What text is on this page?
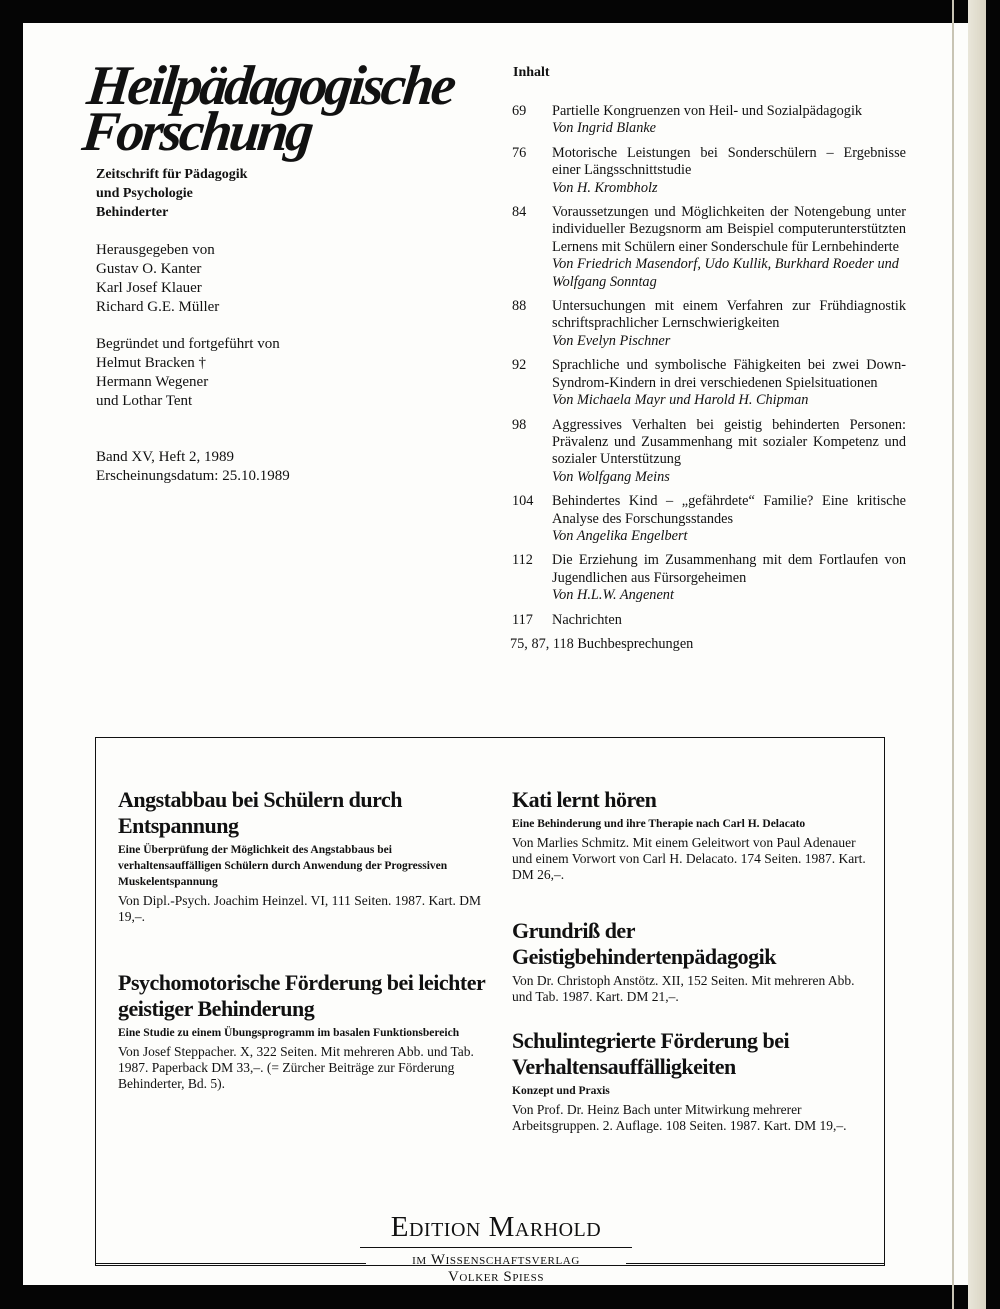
Heilpädagogische
Forschung
Zeitschrift für Pädagogik
und Psychologie
Behinderter
Herausgegeben von
Gustav O. Kanter
Karl Josef Klauer
Richard G.E. Müller
Begründet und fortgeführt von
Helmut Bracken †
Hermann Wegener
und Lothar Tent
Band XV, Heft 2, 1989
Erscheinungsdatum: 25.10.1989
Inhalt
69	Partielle Kongruenzen von Heil- und Sozialpädagogik
Von Ingrid Blanke
76	Motorische Leistungen bei Sonderschülern – Ergebnisse einer Längsschnittstudie
Von H. Krombholz
84	Voraussetzungen und Möglichkeiten der Notengebung unter individueller Bezugsnorm am Beispiel computerunterstützten Lernens mit Schülern einer Sonderschule für Lernbehinderte
Von Friedrich Masendorf, Udo Kullik, Burkhard Roeder und Wolfgang Sonntag
88	Untersuchungen mit einem Verfahren zur Frühdiagnostik schriftsprachlicher Lernschwierigkeiten
Von Evelyn Pischner
92	Sprachliche und symbolische Fähigkeiten bei zwei Down-Syndrom-Kindern in drei verschiedenen Spielsituationen
Von Michaela Mayr und Harold H. Chipman
98	Aggressives Verhalten bei geistig behinderten Personen: Prävalenz und Zusammenhang mit sozialer Kompetenz und sozialer Unterstützung
Von Wolfgang Meins
104	Behindertes Kind – „gefährdete“ Familie? Eine kritische Analyse des Forschungsstandes
Von Angelika Engelbert
112	Die Erziehung im Zusammenhang mit dem Fortlaufen von Jugendlichen aus Fürsorgeheimen
Von H.L.W. Angenent
117	Nachrichten
75, 87, 118 Buchbesprechungen
Angstabbau bei Schülern durch Entspannung
Eine Überprüfung der Möglichkeit des Angstabbaus bei verhaltensauffälligen Schülern durch Anwendung der Progressiven Muskelentspannung
Von Dipl.-Psych. Joachim Heinzel. VI, 111 Seiten. 1987. Kart. DM 19,–.
Psychomotorische Förderung bei leichter geistiger Behinderung
Eine Studie zu einem Übungsprogramm im basalen Funktionsbereich
Von Josef Steppacher. X, 322 Seiten. Mit mehreren Abb. und Tab. 1987. Paperback DM 33,–. (= Zürcher Beiträge zur Förderung Behinderter, Bd. 5).
Kati lernt hören
Eine Behinderung und ihre Therapie nach Carl H. Delacato
Von Marlies Schmitz. Mit einem Geleitwort von Paul Adenauer und einem Vorwort von Carl H. Delacato. 174 Seiten. 1987. Kart. DM 26,–.
Grundriß der Geistigbehindertenpädagogik
Von Dr. Christoph Anstötz. XII, 152 Seiten. Mit mehreren Abb. und Tab. 1987. Kart. DM 21,–.
Schulintegrierte Förderung bei Verhaltensauffälligkeiten
Konzept und Praxis
Von Prof. Dr. Heinz Bach unter Mitwirkung mehrerer Arbeitsgruppen. 2. Auflage. 108 Seiten. 1987. Kart. DM 19,–.
Edition Marhold
im Wissenschaftsverlag
Volker Spiess
